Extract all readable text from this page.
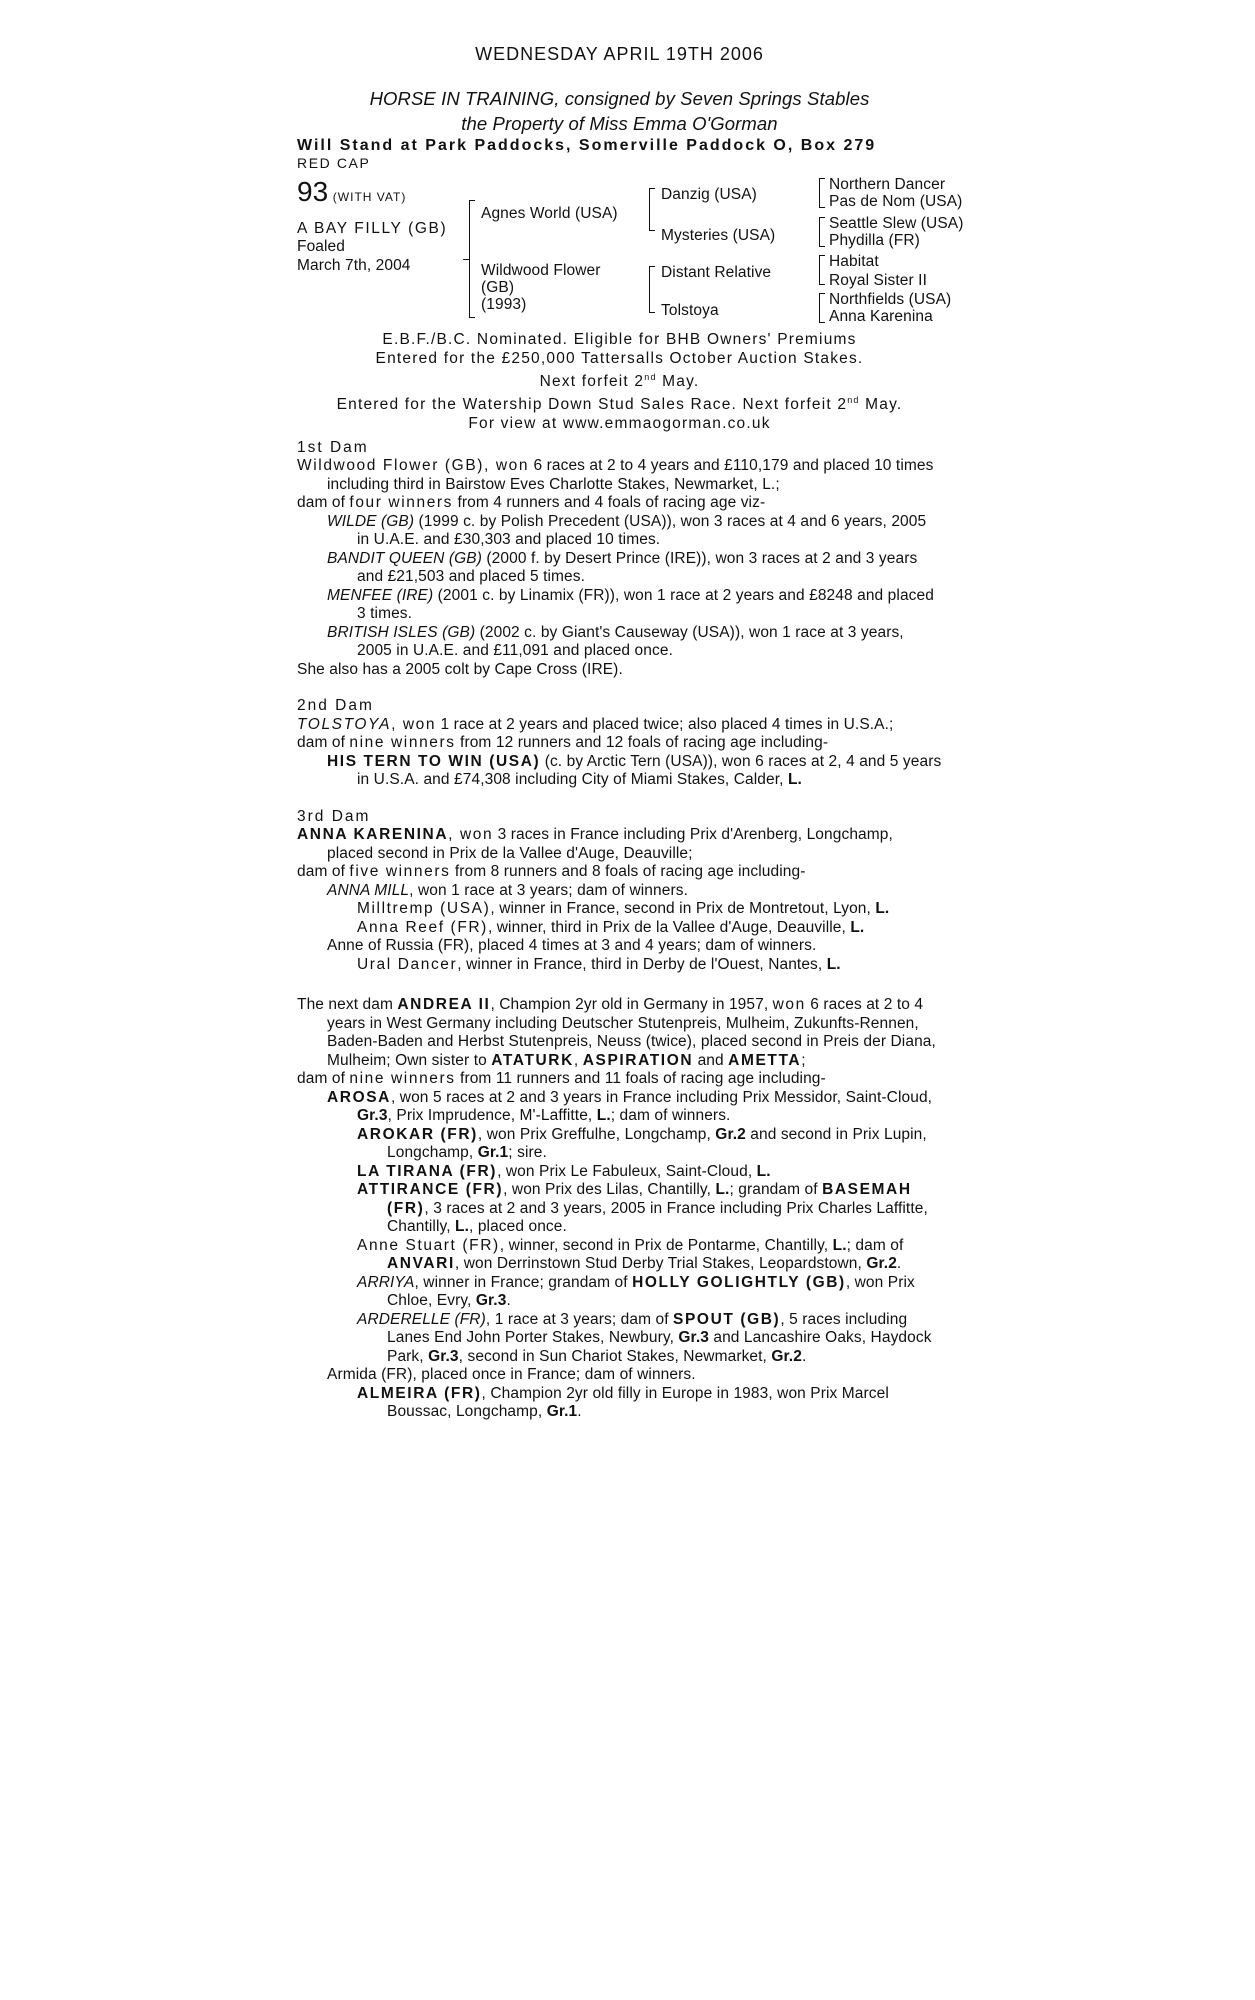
WEDNESDAY APRIL 19TH 2006
HORSE IN TRAINING, consigned by Seven Springs Stables
the Property of Miss Emma O'Gorman
Will Stand at Park Paddocks, Somerville Paddock O, Box 279
RED CAP
93 (WITH VAT)
A BAY FILLY (GB)
Foaled
March 7th, 2004
Agnes World (USA)
Wildwood Flower
(GB)
(1993)
Danzig (USA)
Mysteries (USA)
Distant Relative
Tolstoya
Northern Dancer
Pas de Nom (USA)
Seattle Slew (USA)
Phydilla (FR)
Habitat
Royal Sister II
Northfields (USA)
Anna Karenina
E.B.F./B.C. Nominated. Eligible for BHB Owners' Premiums
Entered for the £250,000 Tattersalls October Auction Stakes.
Next forfeit 2nd May.
Entered for the Watership Down Stud Sales Race. Next forfeit 2nd May.
For view at www.emmaogorman.co.uk
1st Dam
Wildwood Flower (GB), won 6 races at 2 to 4 years and £110,179 and placed 10 times including third in Bairstow Eves Charlotte Stakes, Newmarket, L.;
dam of four winners from 4 runners and 4 foals of racing age viz-
WILDE (GB) (1999 c. by Polish Precedent (USA)), won 3 races at 4 and 6 years, 2005 in U.A.E. and £30,303 and placed 10 times.
BANDIT QUEEN (GB) (2000 f. by Desert Prince (IRE)), won 3 races at 2 and 3 years and £21,503 and placed 5 times.
MENFEE (IRE) (2001 c. by Linamix (FR)), won 1 race at 2 years and £8248 and placed 3 times.
BRITISH ISLES (GB) (2002 c. by Giant's Causeway (USA)), won 1 race at 3 years, 2005 in U.A.E. and £11,091 and placed once.
She also has a 2005 colt by Cape Cross (IRE).
2nd Dam
TOLSTOYA, won 1 race at 2 years and placed twice; also placed 4 times in U.S.A.;
dam of nine winners from 12 runners and 12 foals of racing age including-
HIS TERN TO WIN (USA) (c. by Arctic Tern (USA)), won 6 races at 2, 4 and 5 years in U.S.A. and £74,308 including City of Miami Stakes, Calder, L.
3rd Dam
ANNA KARENINA, won 3 races in France including Prix d'Arenberg, Longchamp, placed second in Prix de la Vallee d'Auge, Deauville;
dam of five winners from 8 runners and 8 foals of racing age including-
ANNA MILL, won 1 race at 3 years; dam of winners.
Milltremp (USA), winner in France, second in Prix de Montretout, Lyon, L.
Anna Reef (FR), winner, third in Prix de la Vallee d'Auge, Deauville, L.
Anne of Russia (FR), placed 4 times at 3 and 4 years; dam of winners.
Ural Dancer, winner in France, third in Derby de l'Ouest, Nantes, L.
The next dam ANDREA II, Champion 2yr old in Germany in 1957, won 6 races at 2 to 4 years in West Germany including Deutscher Stutenpreis, Mulheim, Zukunfts-Rennen, Baden-Baden and Herbst Stutenpreis, Neuss (twice), placed second in Preis der Diana, Mulheim; Own sister to ATATURK, ASPIRATION and AMETTA;
dam of nine winners from 11 runners and 11 foals of racing age including-
AROSA, won 5 races at 2 and 3 years in France including Prix Messidor, Saint-Cloud, Gr.3, Prix Imprudence, M'-Laffitte, L.; dam of winners.
AROKAR (FR), won Prix Greffulhe, Longchamp, Gr.2 and second in Prix Lupin, Longchamp, Gr.1; sire.
LA TIRANA (FR), won Prix Le Fabuleux, Saint-Cloud, L.
ATTIRANCE (FR), won Prix des Lilas, Chantilly, L.; grandam of BASEMAH (FR), 3 races at 2 and 3 years, 2005 in France including Prix Charles Laffitte, Chantilly, L., placed once.
Anne Stuart (FR), winner, second in Prix de Pontarme, Chantilly, L.; dam of ANVARI, won Derrinstown Stud Derby Trial Stakes, Leopardstown, Gr.2.
ARRIYA, winner in France; grandam of HOLLY GOLIGHTLY (GB), won Prix Chloe, Evry, Gr.3.
ARDERELLE (FR), 1 race at 3 years; dam of SPOUT (GB), 5 races including Lanes End John Porter Stakes, Newbury, Gr.3 and Lancashire Oaks, Haydock Park, Gr.3, second in Sun Chariot Stakes, Newmarket, Gr.2.
Armida (FR), placed once in France; dam of winners.
ALMEIRA (FR), Champion 2yr old filly in Europe in 1983, won Prix Marcel Boussac, Longchamp, Gr.1.
